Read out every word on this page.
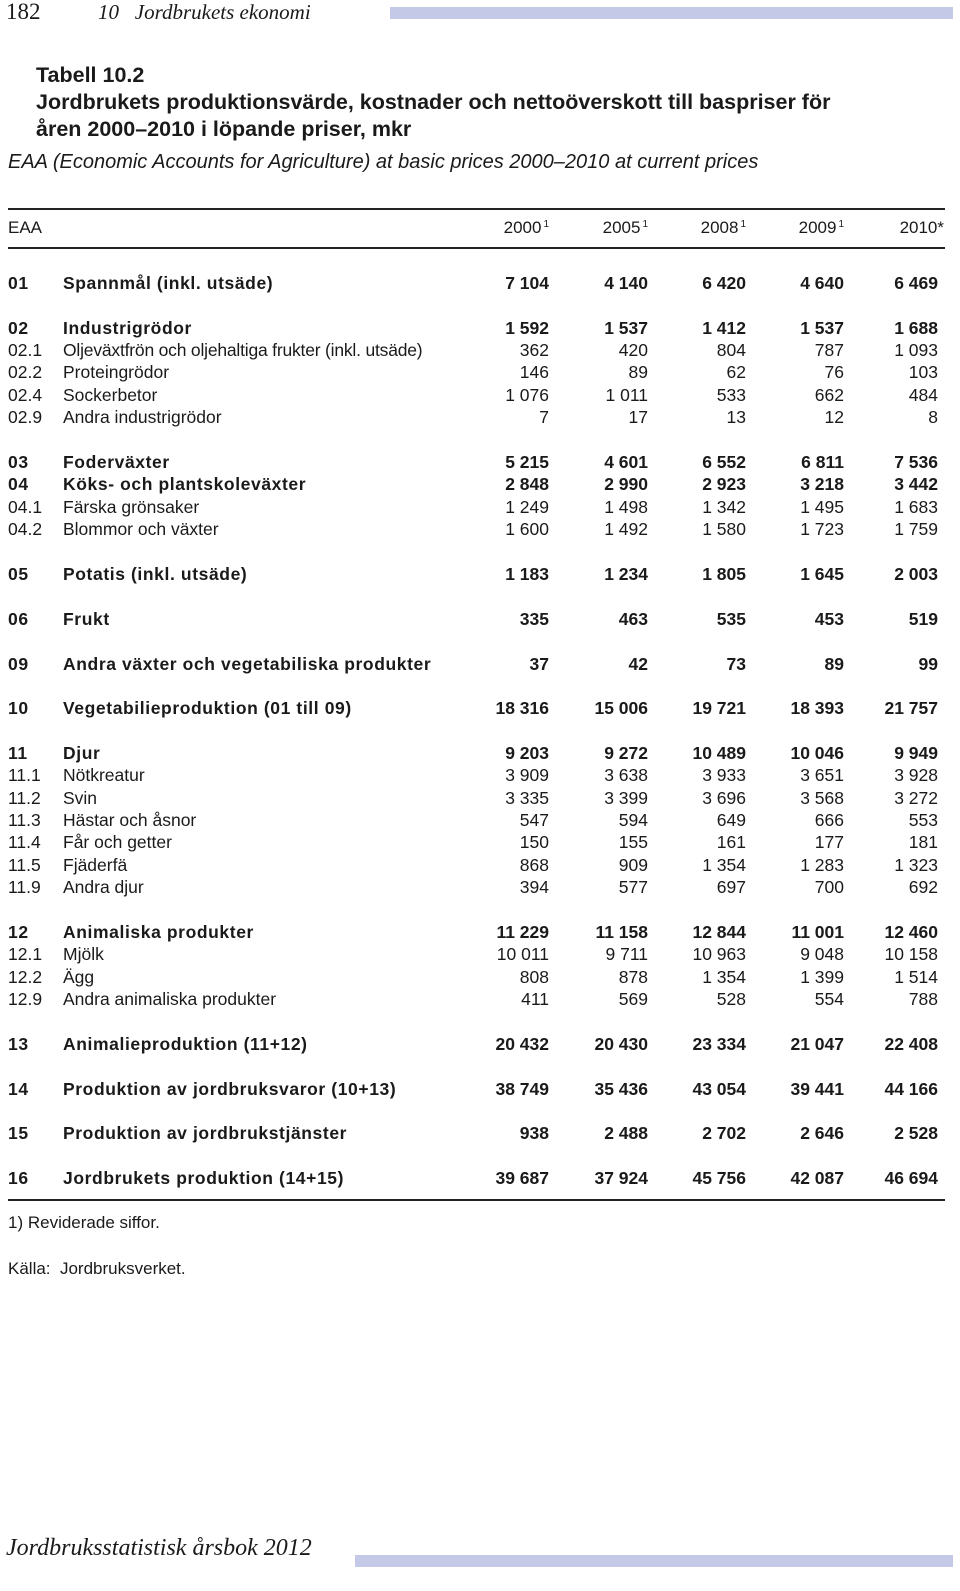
182	10   Jordbrukets ekonomi
Tabell 10.2
Jordbrukets produktionsvärde, kostnader och nettoöverskott till baspriser för
åren 2000–2010 i löpande priser, mkr
EAA (Economic Accounts for Agriculture) at basic prices 2000–2010 at current prices
EAA	2000 $^1$	2005 $^1$	2008 $^1$	2009 $^1$	2010*
01 Spannmål (inkl. utsäde)	7 104	4 140	6 420	4 640	6 469
02 Industrigrödor	1 592	1 537	1 412	1 537	1 688
02.1 Oljeväxtfrön och oljehaltiga frukter (inkl. utsäde)	362	420	804	787	1 093
02.2 Proteingrödor	146	89	62	76	103
02.4 Sockerbetor	1 076	1 011	533	662	484
02.9 Andra industrigrödor	7	17	13	12	8
03 Foderväxter	5 215	4 601	6 552	6 811	7 536
04 Köks- och plantskoleväxter	2 848	2 990	2 923	3 218	3 442
04.1 Färska grönsaker	1 249	1 498	1 342	1 495	1 683
04.2 Blommor och växter	1 600	1 492	1 580	1 723	1 759
05 Potatis (inkl. utsäde)	1 183	1 234	1 805	1 645	2 003
06 Frukt	335	463	535	453	519
09 Andra växter och vegetabiliska produkter	37	42	73	89	99
10 Vegetabilieproduktion (01 till 09)	18 316	15 006	19 721	18 393	21 757
11 Djur	9 203	9 272	10 489	10 046	9 949
11.1 Nötkreatur	3 909	3 638	3 933	3 651	3 928
11.2 Svin	3 335	3 399	3 696	3 568	3 272
11.3 Hästar och åsnor	547	594	649	666	553
11.4 Får och getter	150	155	161	177	181
11.5 Fjäderfä	868	909	1 354	1 283	1 323
11.9 Andra djur	394	577	697	700	692
12 Animaliska produkter	11 229	11 158	12 844	11 001	12 460
12.1 Mjölk	10 011	9 711	10 963	9 048	10 158
12.2 Ägg	808	878	1 354	1 399	1 514
12.9 Andra animaliska produkter	411	569	528	554	788
13 Animalieproduktion (11+12)	20 432	20 430	23 334	21 047	22 408
14 Produktion av jordbruksvaror (10+13)	38 749	35 436	43 054	39 441	44 166
15 Produktion av jordbrukstjänster	938	2 488	2 702	2 646	2 528
16 Jordbrukets produktion (14+15)	39 687	37 924	45 756	42 087	46 694
1) Reviderade siffor.
Källa:  Jordbruksverket.
Jordbruksstatistisk årsbok 2012
